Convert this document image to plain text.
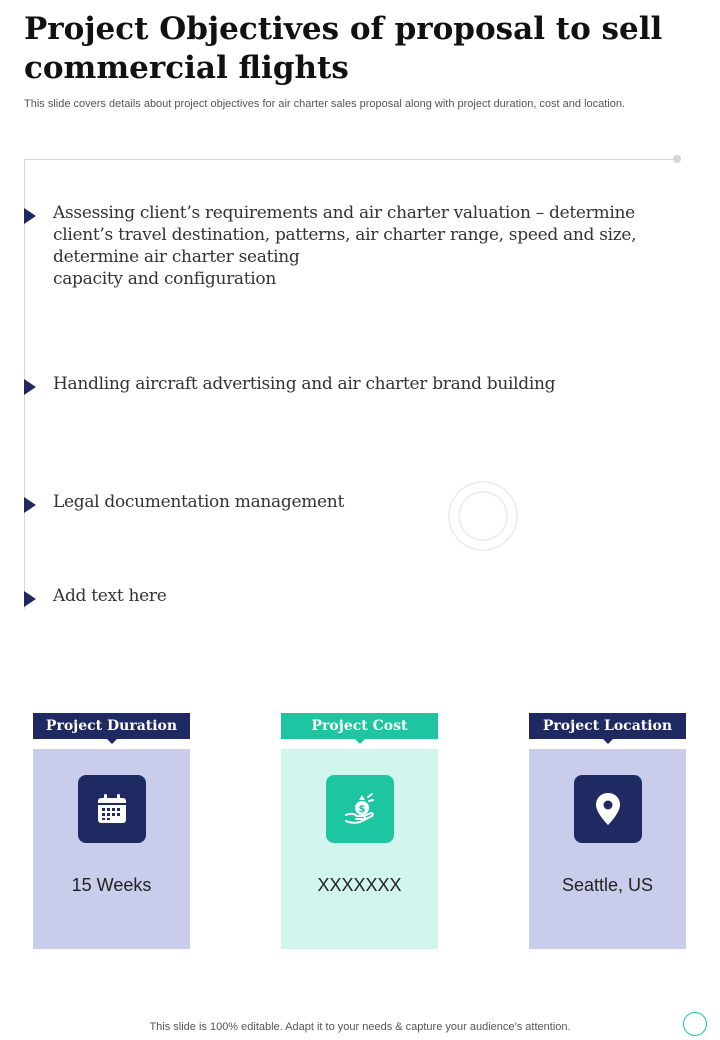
Project Objectives of proposal to sell commercial flights

This slide covers details about project objectives for air charter sales proposal along with project duration, cost and location.

Assessing client’s requirements and air charter valuation – determine client’s travel destination, patterns, air charter range, speed and size, determine air charter seating
capacity and configuration

Handling aircraft advertising and air charter brand building

Legal documentation management

Add text here

Project Duration
15 Weeks
Project Cost
$
XXXXXXX
Project Location
Seattle, US

This slide is 100% editable. Adapt it to your needs & capture your audience’s attention.
